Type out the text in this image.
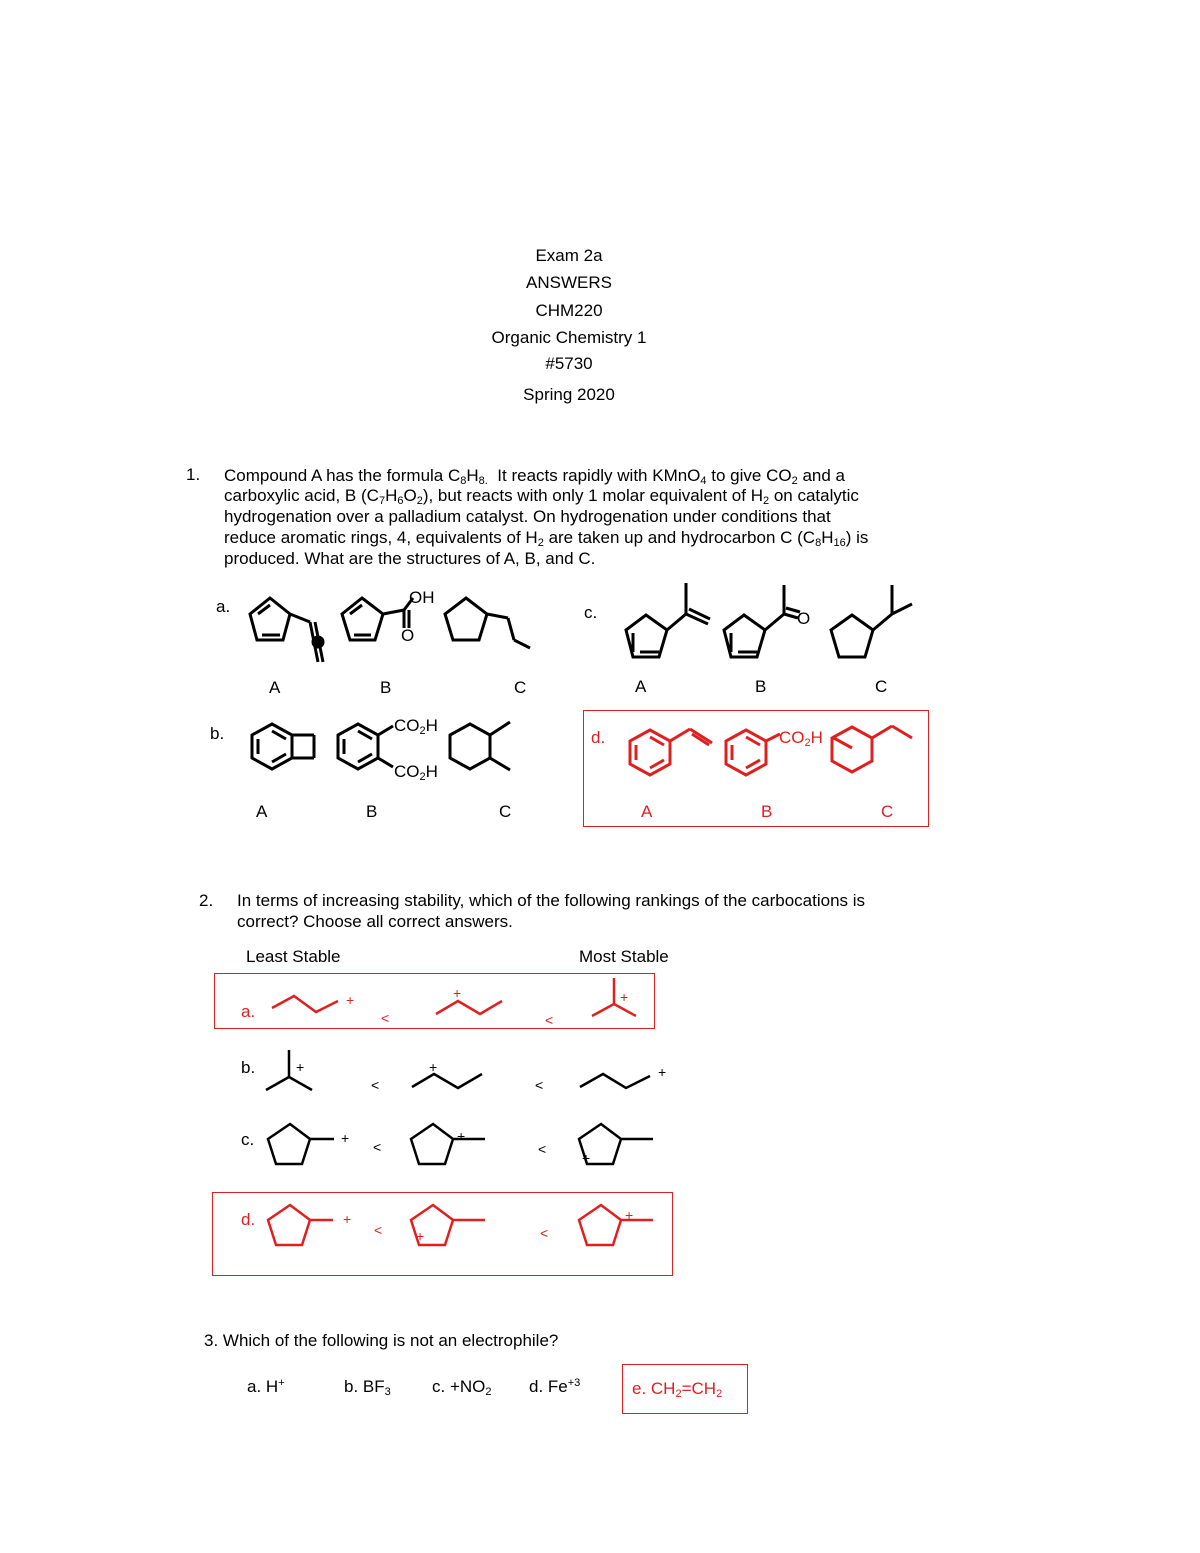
Exam 2a
ANSWERS
CHM220
Organic Chemistry 1
#5730
Spring 2020
1. Compound A has the formula $C_8H_{8.}$  It reacts rapidly with KMnO$_4$ to give $CO_2$ and a
carboxylic acid, B $(C_7H_6O_2)$, but reacts with only 1 molar equivalent of $H_2$ on catalytic
hydrogenation over a palladium catalyst. On hydrogenation under conditions that
reduce aromatic rings, 4, equivalents of $H_2$ are taken up and hydrocarbon C $(C_8H_{16})$ is
produced. What are the structures of A, B, and C.
a.	c.
b.	d.
A	B	C	A	B	C
A	B	C	A	B	C
OH
O
O
$CO_2H$
$CO_2H$
$CO_2H$
2. In terms of increasing stability, which of the following rankings of the carbocations is
correct? Choose all correct answers.
Least Stable	Most Stable
a.
b.
c.
d.
+	+	+
<	<
+	+	+
<	<
+	+
+
<	<
+
+
+
<	<
3. Which of the following is not an electrophile?
a. H+	b. $BF_3$ c. $+NO_2$ d. $Fe^{+3}$	e. $CH_2=CH_2$
